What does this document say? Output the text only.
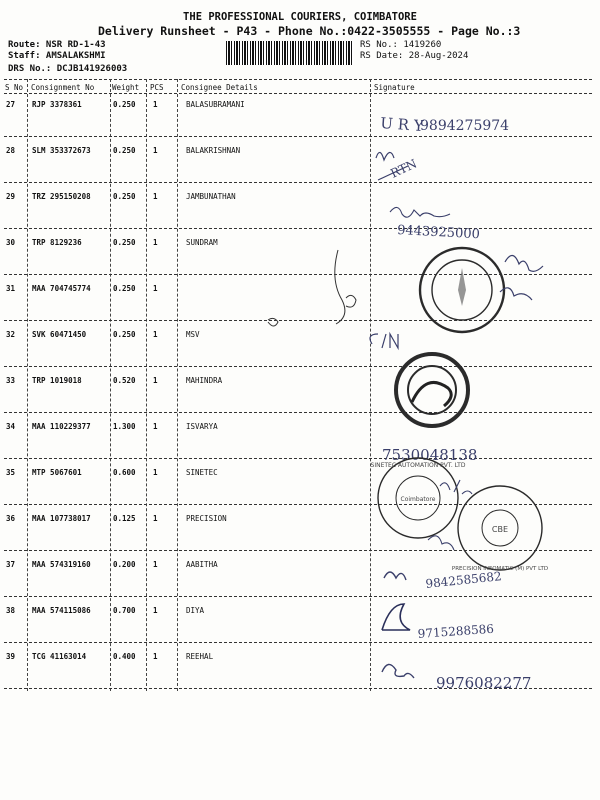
THE PROFESSIONAL COURIERS, COIMBATORE
Delivery Runsheet - P43 - Phone No.:0422-3505555 - Page No.:3
Route: NSR RD-1-43
Staff: AMSALAKSHMI
DRS No.: DCJB141926003
RS No.: 1419260
RS Date: 28-Aug-2024
S No Consignment No Weight PCS Consignee Details	Signature
27 RJP 3378361	0.250 1	BALASUBRAMANI
28 SLM 353372673	0.250 1	BALAKRISHNAN
29 TRZ 295150208	0.250 1	JAMBUNATHAN
30 TRP 8129236	0.250 1	SUNDRAM
31 MAA 704745774	0.250 1
32 SVK 60471450	0.250 1	MSV
33 TRP 1019018	0.520 1	MAHINDRA
34 MAA 110229377	1.300 1	ISVARYA
35 MTP 5067601	0.600 1	SINETEC
36 MAA 107738017	0.125 1	PRECISION
37 MAA 574319160	0.200 1	AABITHA
38 MAA 574115086	0.700 1	DIYA
39 TCG 41163014	0.400 1	REEHAL
U R Y
9894275974
RTN
9443925000
7530048138
Coimbatore
SINETEC AUTOMATION PVT. LTD
CBE
PRECISION INFOMATIC (M) PVT LTD
9842585682
9715288586
9976082277
